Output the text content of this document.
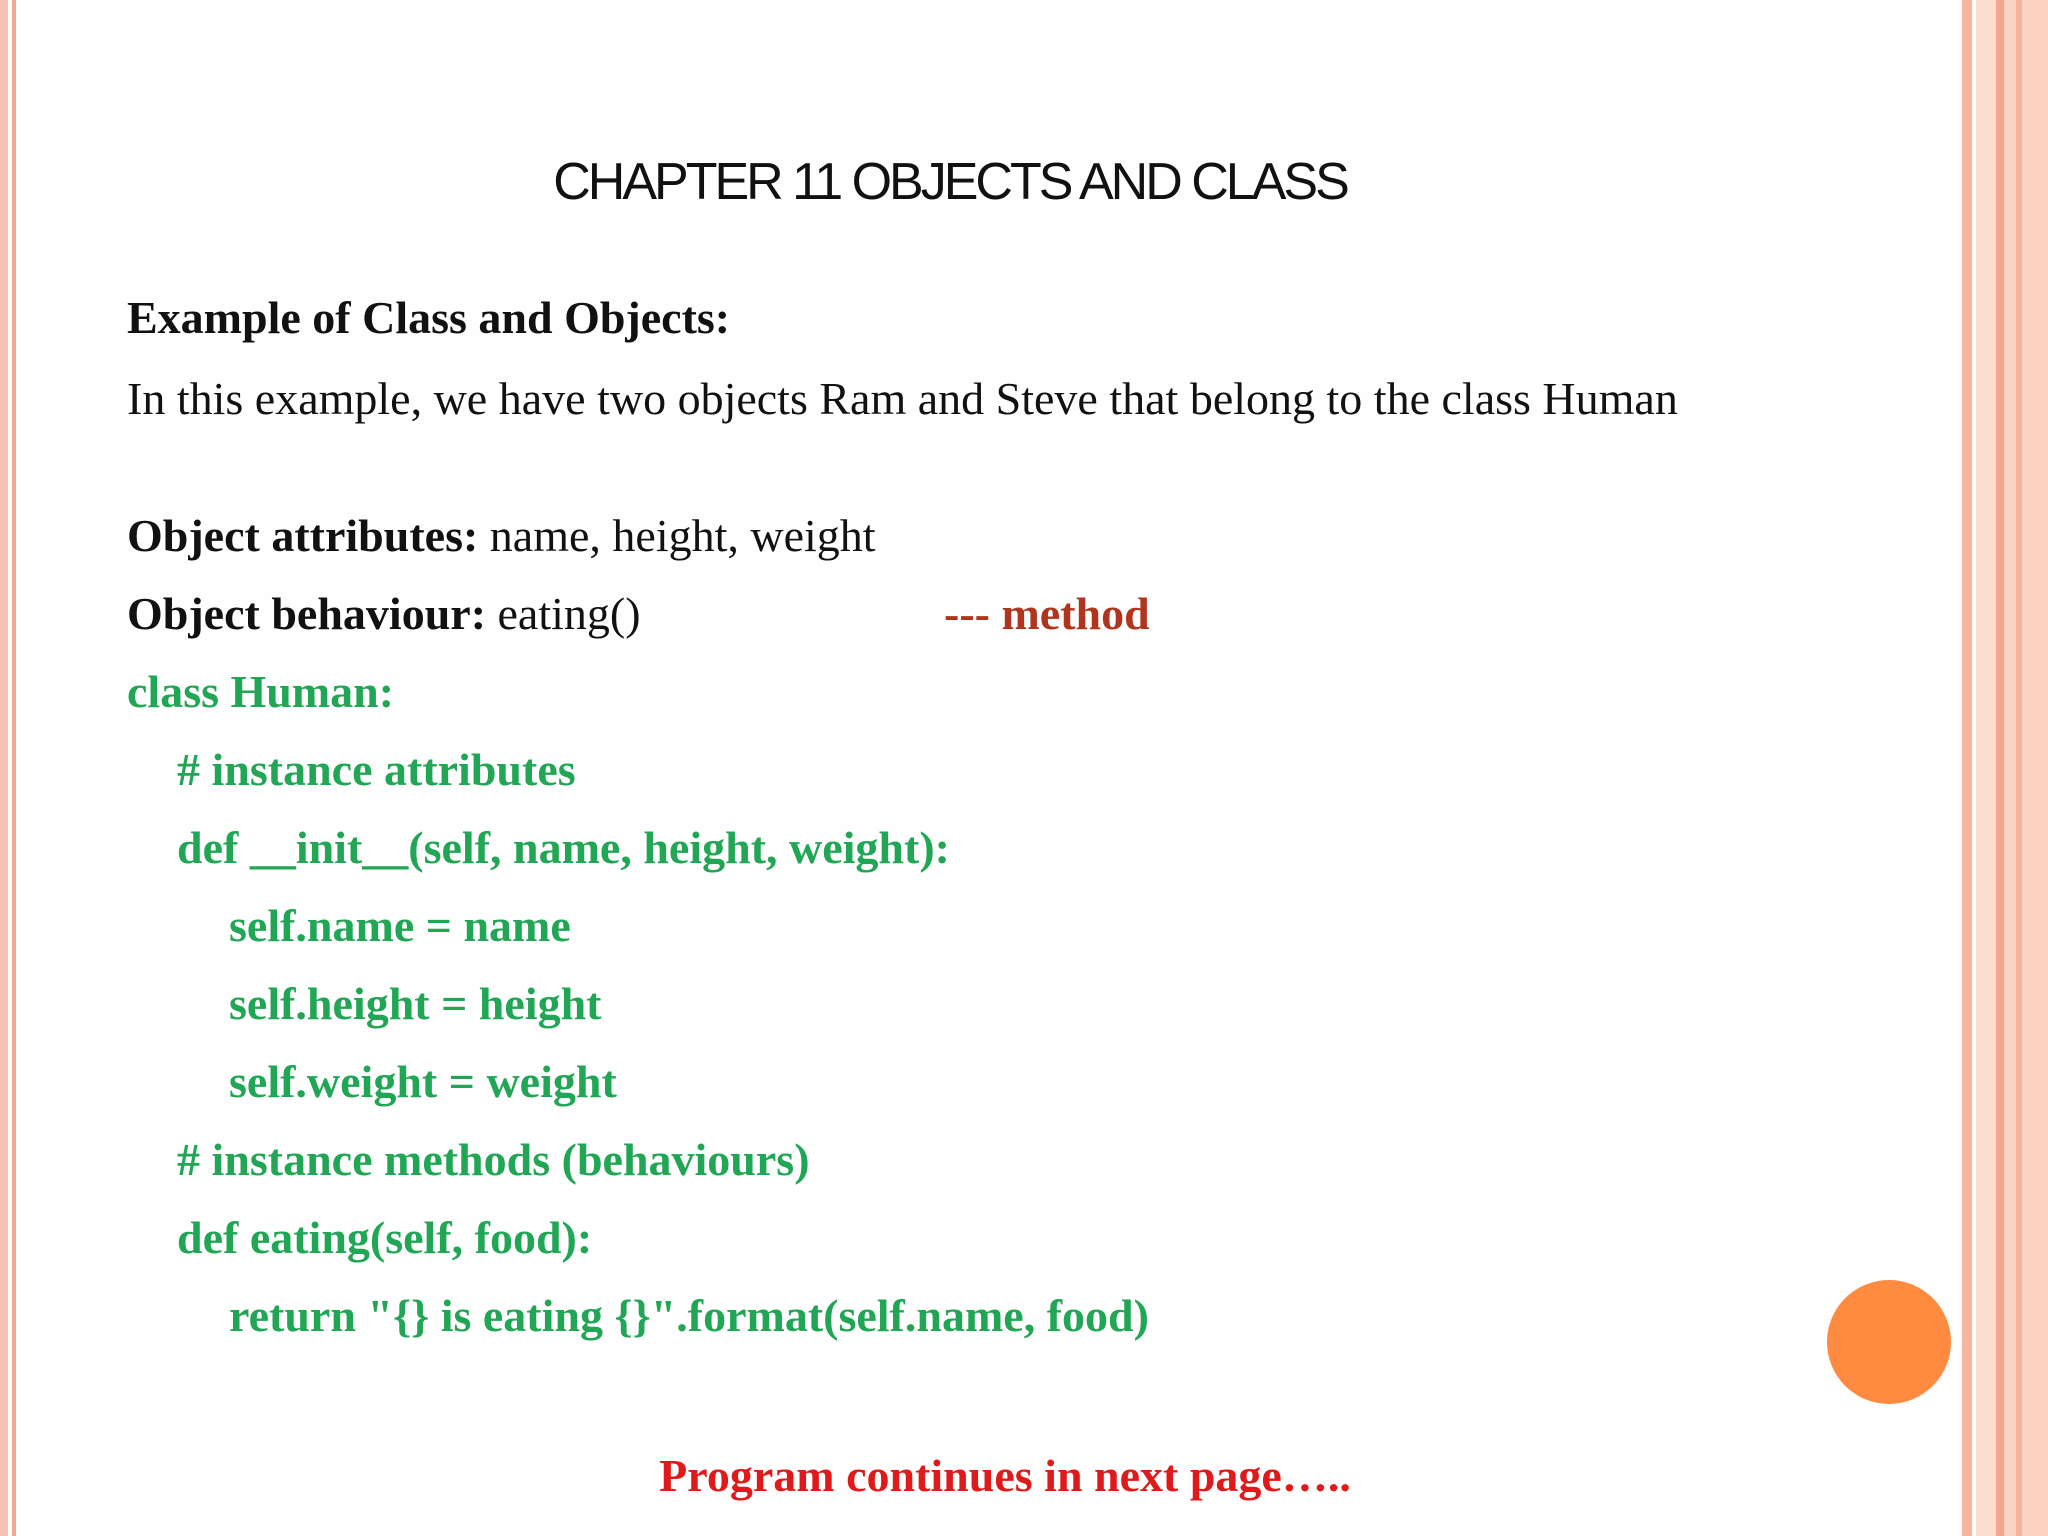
CHAPTER 11 OBJECTS AND CLASS
Example of Class and Objects:
In this example, we have two objects Ram and Steve that belong to the class Human
Object attributes: name, height, weight
Object behaviour: eating()	--- method
class Human:
# instance attributes
def __init__(self, name, height, weight):
self.name = name
self.height = height
self.weight = weight
# instance methods (behaviours)
def eating(self, food):
return "{} is eating {}".format(self.name, food)
Program continues in next page…..
